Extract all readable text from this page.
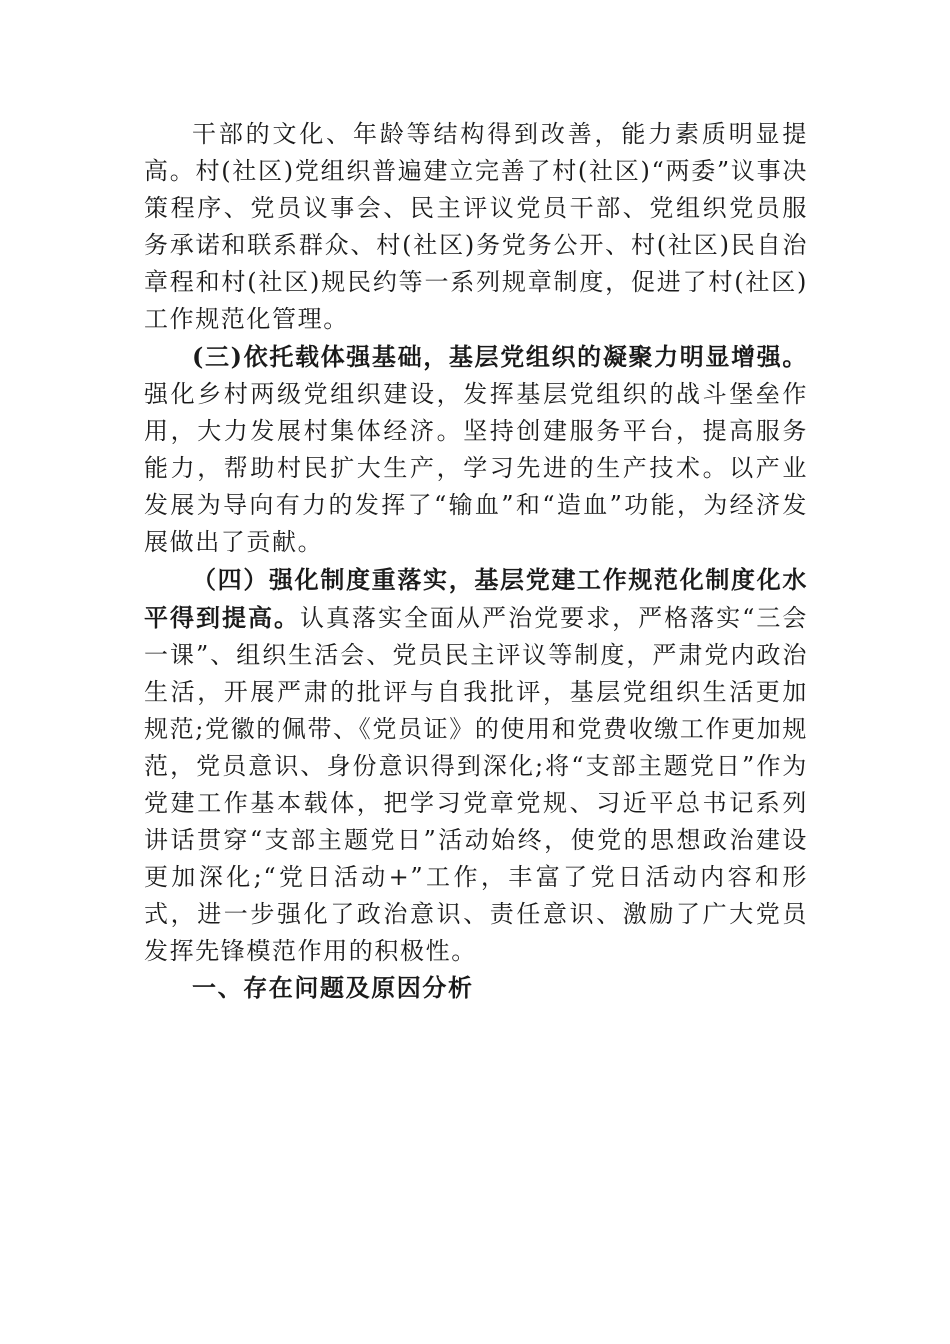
干部的文化、年龄等结构得到改善，能力素质明显提高。村(社区)党组织普遍建立完善了村(社区)“两委”议事决策程序、党员议事会、民主评议党员干部、党组织党员服务承诺和联系群众、村(社区)务党务公开、村(社区)民自治章程和村(社区)规民约等一系列规章制度，促进了村(社区)工作规范化管理。

(三)依托载体强基础，基层党组织的凝聚力明显增强。强化乡村两级党组织建设，发挥基层党组织的战斗堡垒作用，大力发展村集体经济。坚持创建服务平台，提高服务能力，帮助村民扩大生产，学习先进的生产技术。以产业发展为导向有力的发挥了“输血”和“造血”功能，为经济发展做出了贡献。

（四）强化制度重落实，基层党建工作规范化制度化水平得到提高。认真落实全面从严治党要求，严格落实“三会一课”、组织生活会、党员民主评议等制度，严肃党内政治生活，开展严肃的批评与自我批评，基层党组织生活更加规范;党徽的佩带、《党员证》的使用和党费收缴工作更加规范，党员意识、身份意识得到深化;将“支部主题党日”作为党建工作基本载体，把学习党章党规、习近平总书记系列讲话贯穿“支部主题党日”活动始终，使党的思想政治建设更加深化;“党日活动+”工作，丰富了党日活动内容和形式，进一步强化了政治意识、责任意识、激励了广大党员发挥先锋模范作用的积极性。

一、存在问题及原因分析
